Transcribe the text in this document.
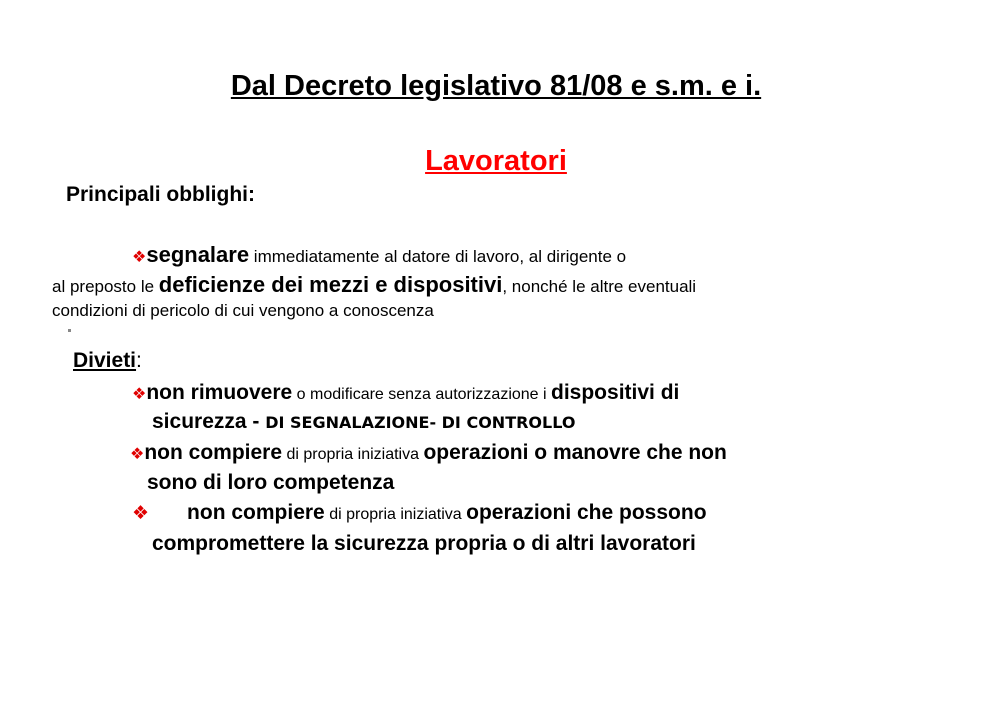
Dal Decreto legislativo 81/08 e s.m. e i.
Lavoratori
Principali obblighi:
❖segnalare immediatamente al datore di lavoro, al dirigente o
al preposto le deficienze dei mezzi e dispositivi, nonché le altre eventuali
condizioni di pericolo di cui vengono a conoscenza
Divieti:
❖non rimuovere o modificare senza autorizzazione i dispositivi di
sicurezza - DI SEGNALAZIONE- DI CONTROLLO
❖non compiere di propria iniziativa operazioni o manovre che non
sono di loro competenza
❖ non compiere di propria iniziativa operazioni che possono
compromettere la sicurezza propria o di altri lavoratori
